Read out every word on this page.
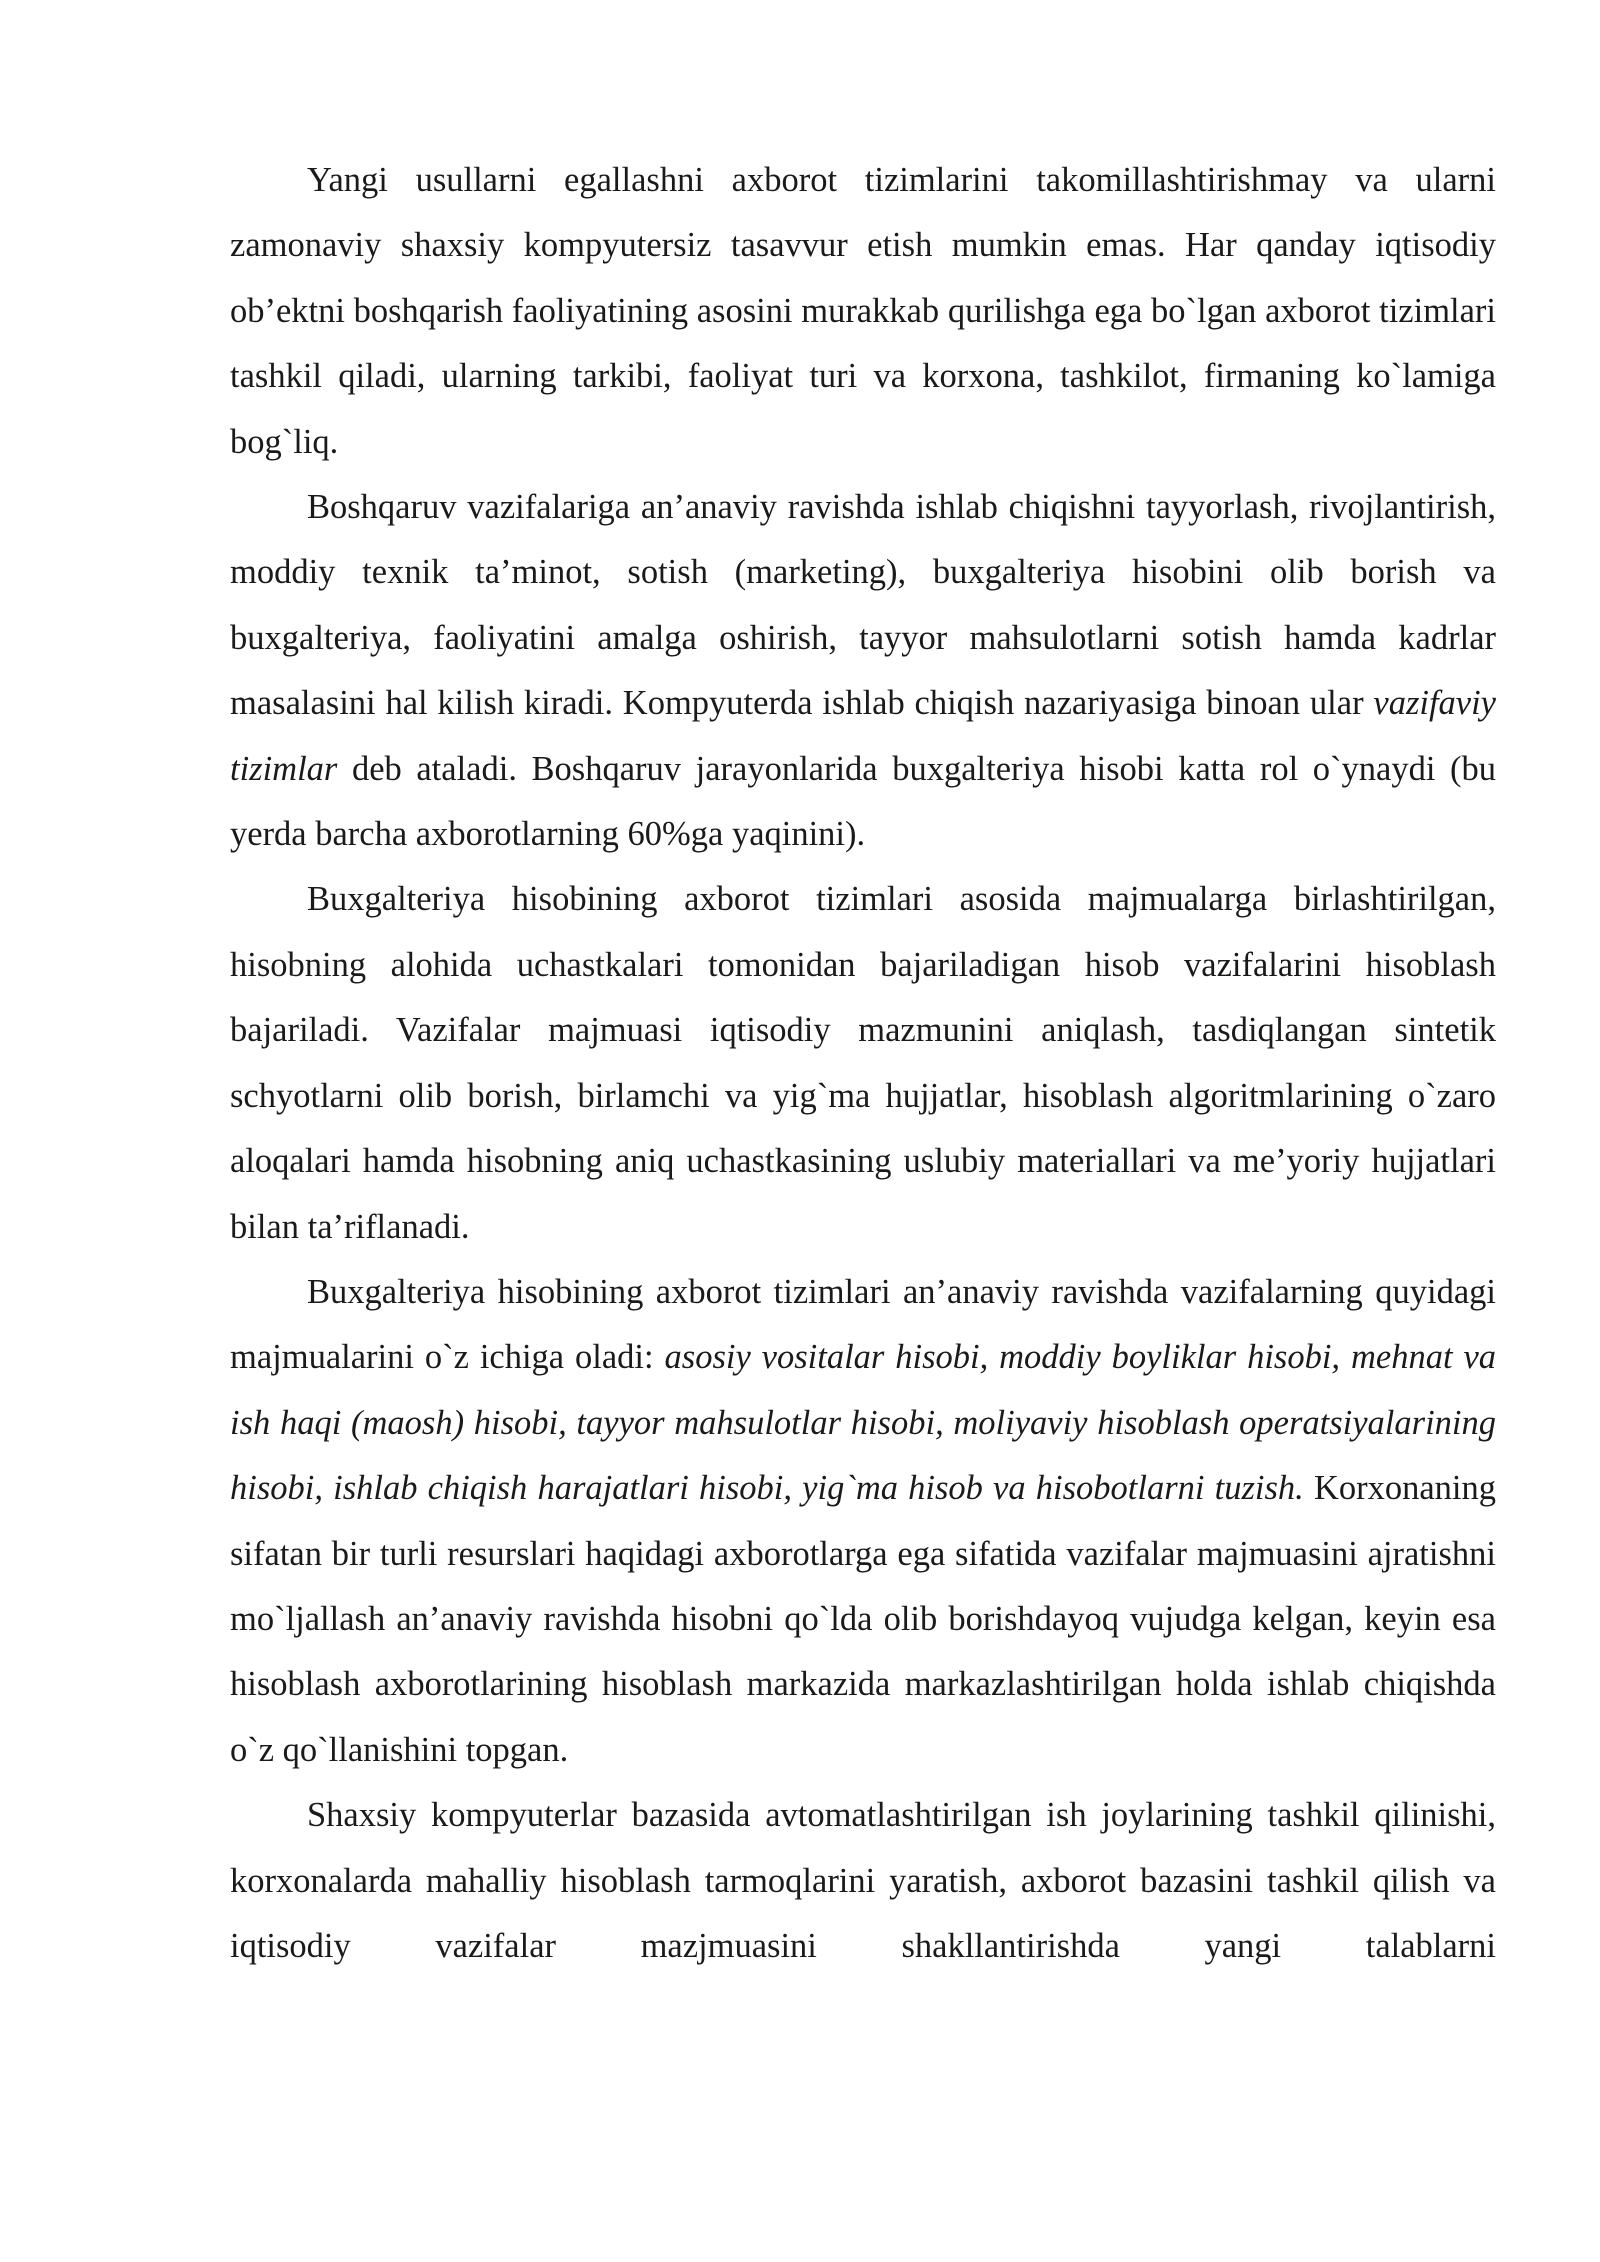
Yangi usullarni egallashni axborot tizimlarini takomillashtirishmay va ularni zamonaviy shaxsiy kompyutersiz tasavvur etish mumkin emas. Har qanday iqtisodiy ob’ektni boshqarish faoliyatining asosini murakkab qurilishga ega bo`lgan axborot tizimlari tashkil qiladi, ularning tarkibi, faoliyat turi va korxona, tashkilot, firmaning ko`lamiga bog`liq.

Boshqaruv vazifalariga an’anaviy ravishda ishlab chiqishni tayyorlash, rivojlantirish, moddiy texnik ta’minot, sotish (marketing), buxgalteriya hisobini olib borish va buxgalteriya, faoliyatini amalga oshirish, tayyor mahsulotlarni sotish hamda kadrlar masalasini hal kilish kiradi. Kompyuterda ishlab chiqish nazariyasiga binoan ular vazifaviy tizimlar deb ataladi. Boshqaruv jarayonlarida buxgalteriya hisobi katta rol o`ynaydi (bu yerda barcha axborotlarning 60%ga yaqinini).

Buxgalteriya hisobining axborot tizimlari asosida majmualarga birlashtirilgan, hisobning alohida uchastkalari tomonidan bajariladigan hisob vazifalarini hisoblash bajariladi. Vazifalar majmuasi iqtisodiy mazmunini aniqlash, tasdiqlangan sintetik schyotlarni olib borish, birlamchi va yig`ma hujjatlar, hisoblash algoritmlarining o`zaro aloqalari hamda hisobning aniq uchastkasining uslubiy materiallari va me’yoriy hujjatlari bilan ta’riflanadi.

Buxgalteriya hisobining axborot tizimlari an’anaviy ravishda vazifalarning quyidagi majmualarini o`z ichiga oladi: asosiy vositalar hisobi, moddiy boyliklar hisobi, mehnat va ish haqi (maosh) hisobi, tayyor mahsulotlar hisobi, moliyaviy hisoblash operatsiyalarining hisobi, ishlab chiqish harajatlari hisobi, yig`ma hisob va hisobotlarni tuzish. Korxonaning sifatan bir turli resurslari haqidagi axborotlarga ega sifatida vazifalar majmuasini ajratishni mo`ljallash an’anaviy ravishda hisobni qo`lda olib borishdayoq vujudga kelgan, keyin esa hisoblash axborotlarining hisoblash markazida markazlashtirilgan holda ishlab chiqishda o`z qo`llanishini topgan.

Shaxsiy kompyuterlar bazasida avtomatlashtirilgan ish joylarining tashkil qilinishi, korxonalarda mahalliy hisoblash tarmoqlarini yaratish, axborot bazasini tashkil qilish va iqtisodiy vazifalar mazjmuasini shakllantirishda yangi talablarni
